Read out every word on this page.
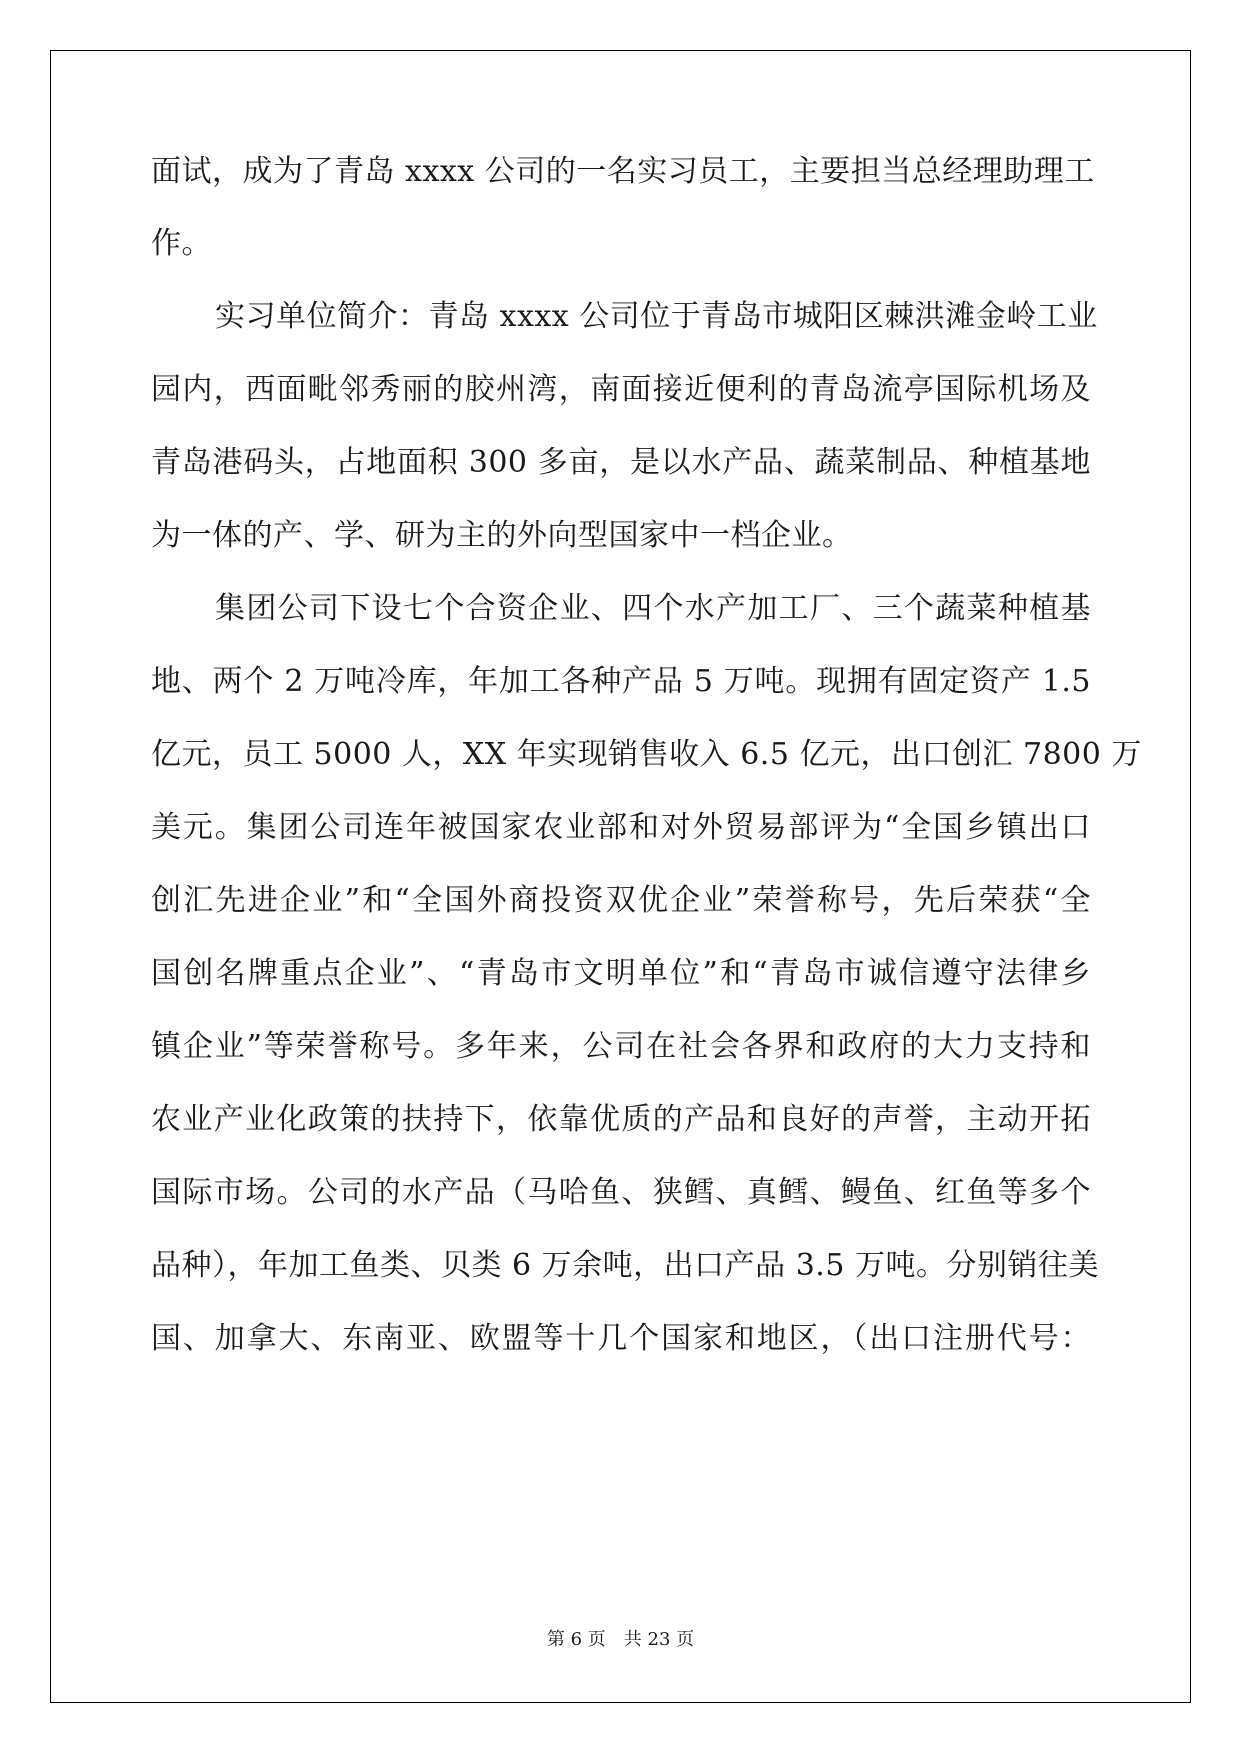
面试，成为了青岛 xxxx 公司的一名实习员工，主要担当总经理助理工
作。
实习单位简介：青岛 xxxx 公司位于青岛市城阳区棘洪滩金岭工业
园内，西面毗邻秀丽的胶州湾，南面接近便利的青岛流亭国际机场及
青岛港码头，占地面积 300 多亩，是以水产品、蔬菜制品、种植基地
为一体的产、学、研为主的外向型国家中一档企业。
集团公司下设七个合资企业、四个水产加工厂、三个蔬菜种植基
地、两个 2 万吨冷库，年加工各种产品 5 万吨。现拥有固定资产 1.5
亿元，员工 5000 人，XX 年实现销售收入 6.5 亿元，出口创汇 7800 万
美元。集团公司连年被国家农业部和对外贸易部评为“全国乡镇出口
创汇先进企业”和“全国外商投资双优企业”荣誉称号，先后荣获“全
国创名牌重点企业”、“青岛市文明单位”和“青岛市诚信遵守法律乡
镇企业”等荣誉称号。多年来，公司在社会各界和政府的大力支持和
农业产业化政策的扶持下，依靠优质的产品和良好的声誉，主动开拓
国际市场。公司的水产品（马哈鱼、狭鳕、真鳕、鳗鱼、红鱼等多个
品种），年加工鱼类、贝类 6 万余吨，出口产品 3.5 万吨。分别销往美
国、加拿大、东南亚、欧盟等十几个国家和地区，（出口注册代号：
第 6 页　共 23 页
